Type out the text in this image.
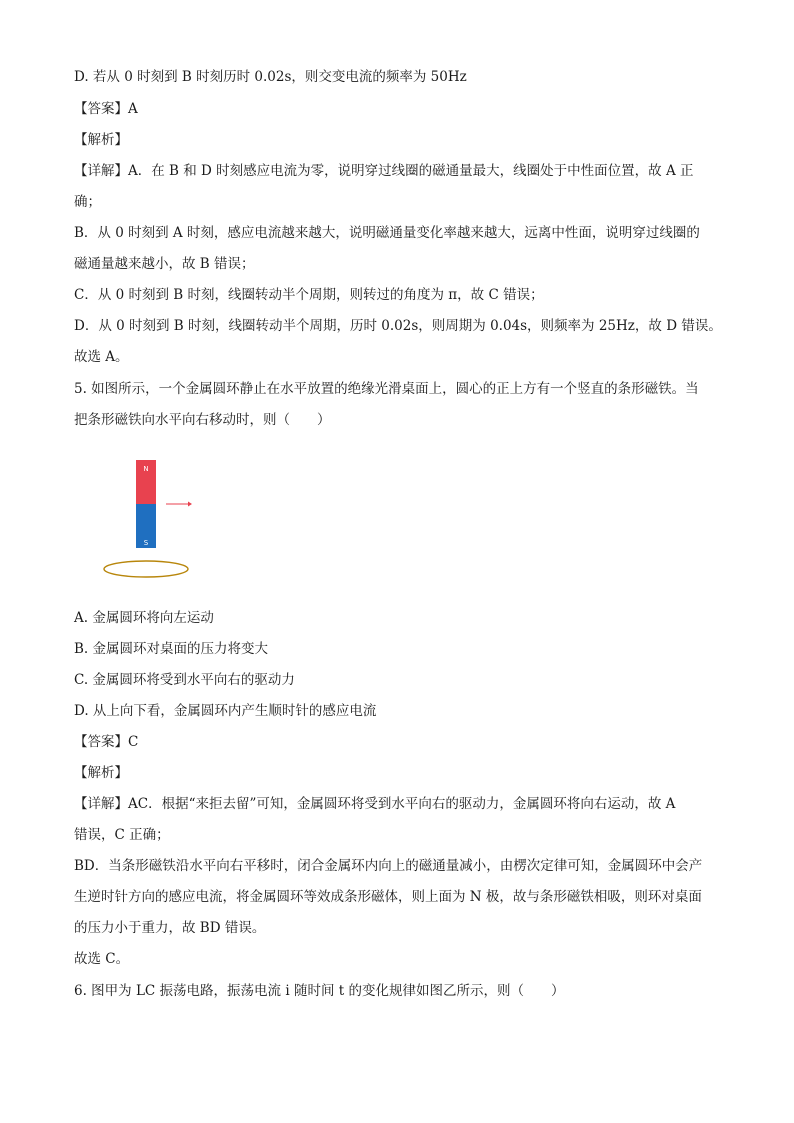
D. 若从 0 时刻到 B 时刻历时 0.02s，则交变电流的频率为 50Hz
【答案】A
【解析】
【详解】A．在 B 和 D 时刻感应电流为零，说明穿过线圈的磁通量最大，线圈处于中性面位置，故 A 正
确；
B．从 0 时刻到 A 时刻，感应电流越来越大，说明磁通量变化率越来越大，远离中性面，说明穿过线圈的
磁通量越来越小，故 B 错误；
C．从 0 时刻到 B 时刻，线圈转动半个周期，则转过的角度为 π，故 C 错误；
D．从 0 时刻到 B 时刻，线圈转动半个周期，历时 0.02s，则周期为 0.04s，则频率为 25Hz，故 D 错误。
故选 A。
5. 如图所示，一个金属圆环静止在水平放置的绝缘光滑桌面上，圆心的正上方有一个竖直的条形磁铁。当
把条形磁铁向水平向右移动时，则（　　）
N
S
A. 金属圆环将向左运动
B. 金属圆环对桌面的压力将变大
C. 金属圆环将受到水平向右的驱动力
D. 从上向下看，金属圆环内产生顺时针的感应电流
【答案】C
【解析】
【详解】AC．根据“来拒去留”可知，金属圆环将受到水平向右的驱动力，金属圆环将向右运动，故 A
错误，C 正确；
BD．当条形磁铁沿水平向右平移时，闭合金属环内向上的磁通量减小，由楞次定律可知，金属圆环中会产
生逆时针方向的感应电流，将金属圆环等效成条形磁体，则上面为 N 极，故与条形磁铁相吸，则环对桌面
的压力小于重力，故 BD 错误。
故选 C。
6. 图甲为 LC 振荡电路，振荡电流 i 随时间 t 的变化规律如图乙所示，则（　　）
